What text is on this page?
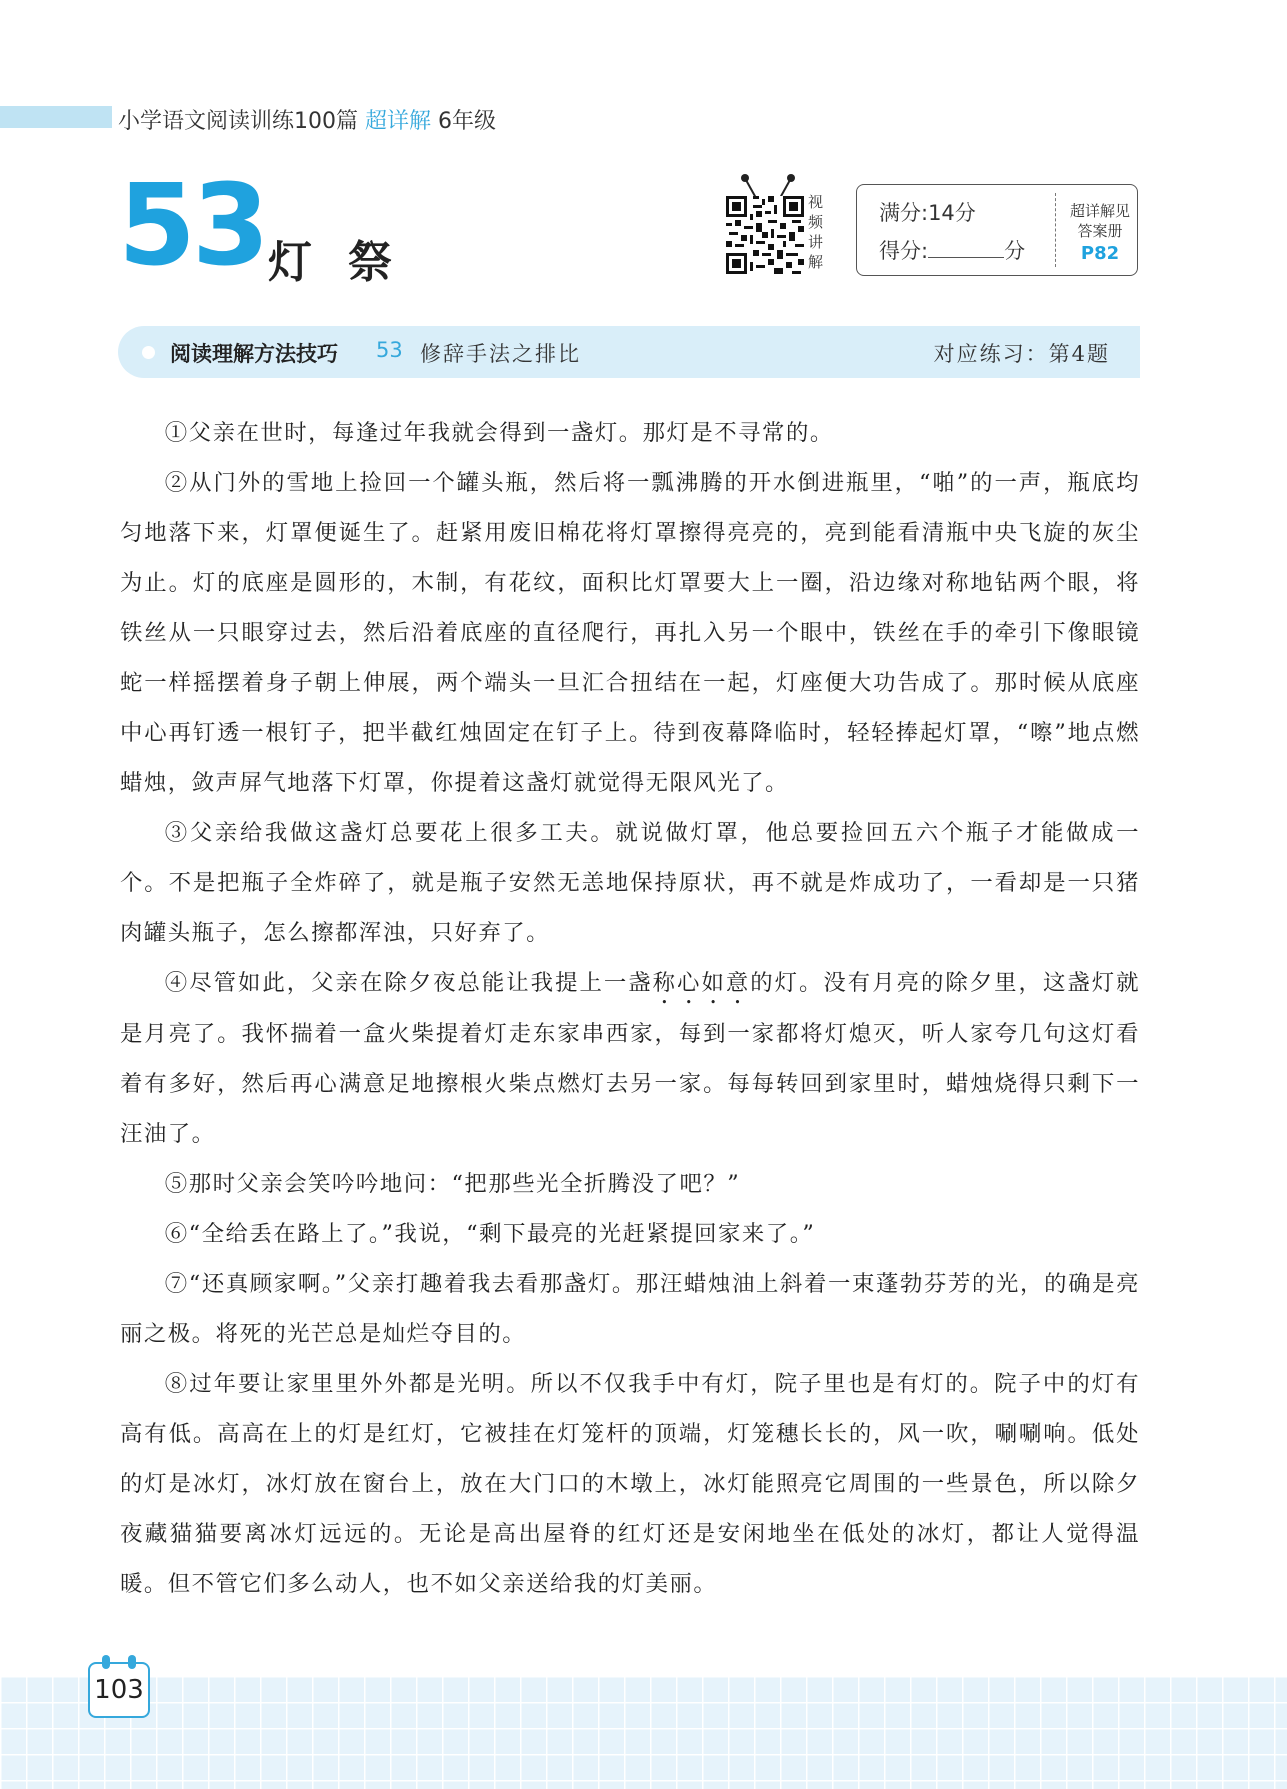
小学语文阅读训练100篇 超详解 6年级
53 灯祭
视频讲解
满分:14分
得分:	分
超详解见
答案册
P82
阅读理解方法技巧 53 修辞手法之排比	对应练习：第4题

①父亲在世时，每逢过年我就会得到一盏灯。那灯是不寻常的。

②从门外的雪地上捡回一个罐头瓶，然后将一瓢沸腾的开水倒进瓶里，“啪”的一声，瓶底均匀地落下来，灯罩便诞生了。赶紧用废旧棉花将灯罩擦得亮亮的，亮到能看清瓶中央飞旋的灰尘为止。灯的底座是圆形的，木制，有花纹，面积比灯罩要大上一圈，沿边缘对称地钻两个眼，将铁丝从一只眼穿过去，然后沿着底座的直径爬行，再扎入另一个眼中，铁丝在手的牵引下像眼镜蛇一样摇摆着身子朝上伸展，两个端头一旦汇合扭结在一起，灯座便大功告成了。那时候从底座中心再钉透一根钉子，把半截红烛固定在钉子上。待到夜幕降临时，轻轻捧起灯罩，“嚓”地点燃蜡烛，敛声屏气地落下灯罩，你提着这盏灯就觉得无限风光了。

③父亲给我做这盏灯总要花上很多工夫。就说做灯罩，他总要捡回五六个瓶子才能做成一个。不是把瓶子全炸碎了，就是瓶子安然无恙地保持原状，再不就是炸成功了，一看却是一只猪肉罐头瓶子，怎么擦都浑浊，只好弃了。

④尽管如此，父亲在除夕夜总能让我提上一盏称心如意的灯。没有月亮的除夕里，这盏灯就是月亮了。我怀揣着一盒火柴提着灯走东家串西家，每到一家都将灯熄灭，听人家夸几句这灯看着有多好，然后再心满意足地擦根火柴点燃灯去另一家。每每转回到家里时，蜡烛烧得只剩下一汪油了。

⑤那时父亲会笑吟吟地问：“把那些光全折腾没了吧？”

⑥“全给丢在路上了。”我说，“剩下最亮的光赶紧提回家来了。”

⑦“还真顾家啊。”父亲打趣着我去看那盏灯。那汪蜡烛油上斜着一束蓬勃芬芳的光，的确是亮丽之极。将死的光芒总是灿烂夺目的。

⑧过年要让家里里外外都是光明。所以不仅我手中有灯，院子里也是有灯的。院子中的灯有高有低。高高在上的灯是红灯，它被挂在灯笼杆的顶端，灯笼穗长长的，风一吹，唰唰响。低处的灯是冰灯，冰灯放在窗台上，放在大门口的木墩上，冰灯能照亮它周围的一些景色，所以除夕夜藏猫猫要离冰灯远远的。无论是高出屋脊的红灯还是安闲地坐在低处的冰灯，都让人觉得温暖。但不管它们多么动人，也不如父亲送给我的灯美丽。

103
